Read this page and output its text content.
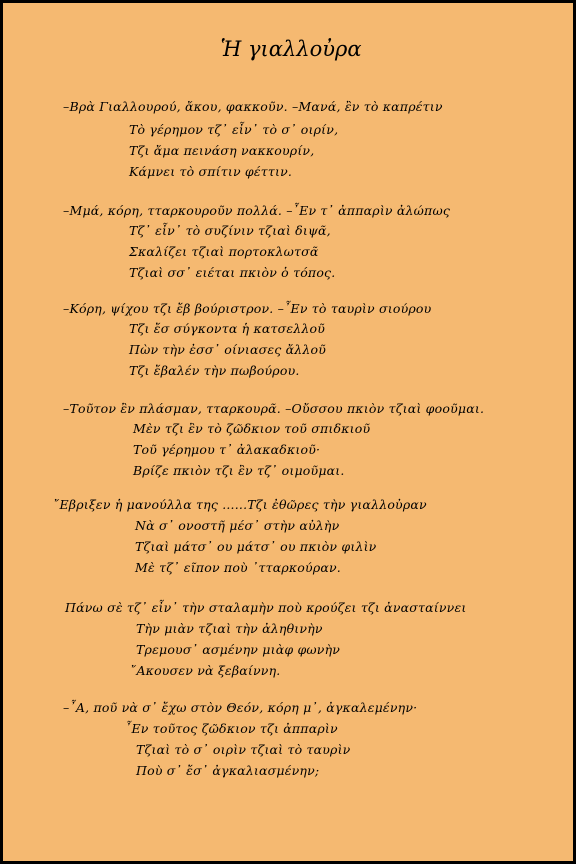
Ἡ γιαλλοὐρα
–Βρὰ Γιαλλουρού, ἄκου, φακκοῦν. –Μανά, ἒν τὸ καπρέτιν
Τὸ γέρημον τζ᾿ εἶν᾿ τὸ σ᾿ οιρίν,
Τζι ἄμα πεινάση νακκουρίν,
Κάμνει τὸ σπίτιν φέττιν.
–Μμά, κόρη, τταρκουροῦν πολλά. –῏Εν τ᾿ ἀππαρὶν ἀλώπως
Τζ᾿ εἶν᾿ τὸ συζίνιν τζιαὶ διψᾶ,
Σκαλίζει τζιαὶ πορτοκλωτσᾶ
Τζιαὶ σσ᾿ ειέται πκιὸν ὁ τόπος.
–Κόρη, ψίχου τζι ἔβ βούριστρον. –῏Εν τὸ ταυρὶν σιούρου
Τζι ἔσ σύγκοντα ἡ κατσελλοῦ
Πὼν τὴν ἐσσ᾿ οίνιασες ἄλλοῦ
Τζι ἔβαλέν τὴν πωβούρου.
–Τοῦτον ἒν πλάσμαν, τταρκουρᾶ. –Οὔσσου πκιὸν τζιαὶ φοοῦμαι.
Μὲν τζι ἒν τὸ ζῶδκιον τοῦ σπιδκιοῦ
Τοῦ γέρημου τ᾿ ἀλακαδκιοῦ·
Βρίζε πκιὸν τζι ἒν τζ᾿ οιμοῦμαι.
῎Εβριξεν ἡ μανούλλα της ......Τζι ἐθῶρες τὴν γιαλλοὐραν
Νὰ σ᾿ ονοστῆ μέσ᾿ στὴν αὐλὴν
Τζιαὶ μάτσ᾿ ου μάτσ᾿ ου πκιὸν φιλὶν
Μὲ τζ᾿ εῖπον ποὺ ᾿τταρκούραν.
Πάνω σὲ τζ᾿ εἶν᾿ τὴν σταλαμὴν ποὺ κρούζει τζι ἀνασταίννει
Τὴν μιὰν τζιαὶ τὴν ἀληθινὴν
Τρεμουσ᾿ ασμένην μιὰφ φωνὴν
῎Ακουσεν νὰ ξεβαίννη.
–῏Α, ποῦ νὰ σ᾿ ἔχω στὸν Θεόν, κόρη μ᾿, ἀγκαλεμένην·
῏Εν τοῦτος ζῶδκιον τζι ἀππαρὶν
Τζιαὶ τὸ σ᾿ οιρὶν τζιαὶ τὸ ταυρὶν
Ποὺ σ᾿ ἔσ᾿ ἀγκαλιασμένην;
